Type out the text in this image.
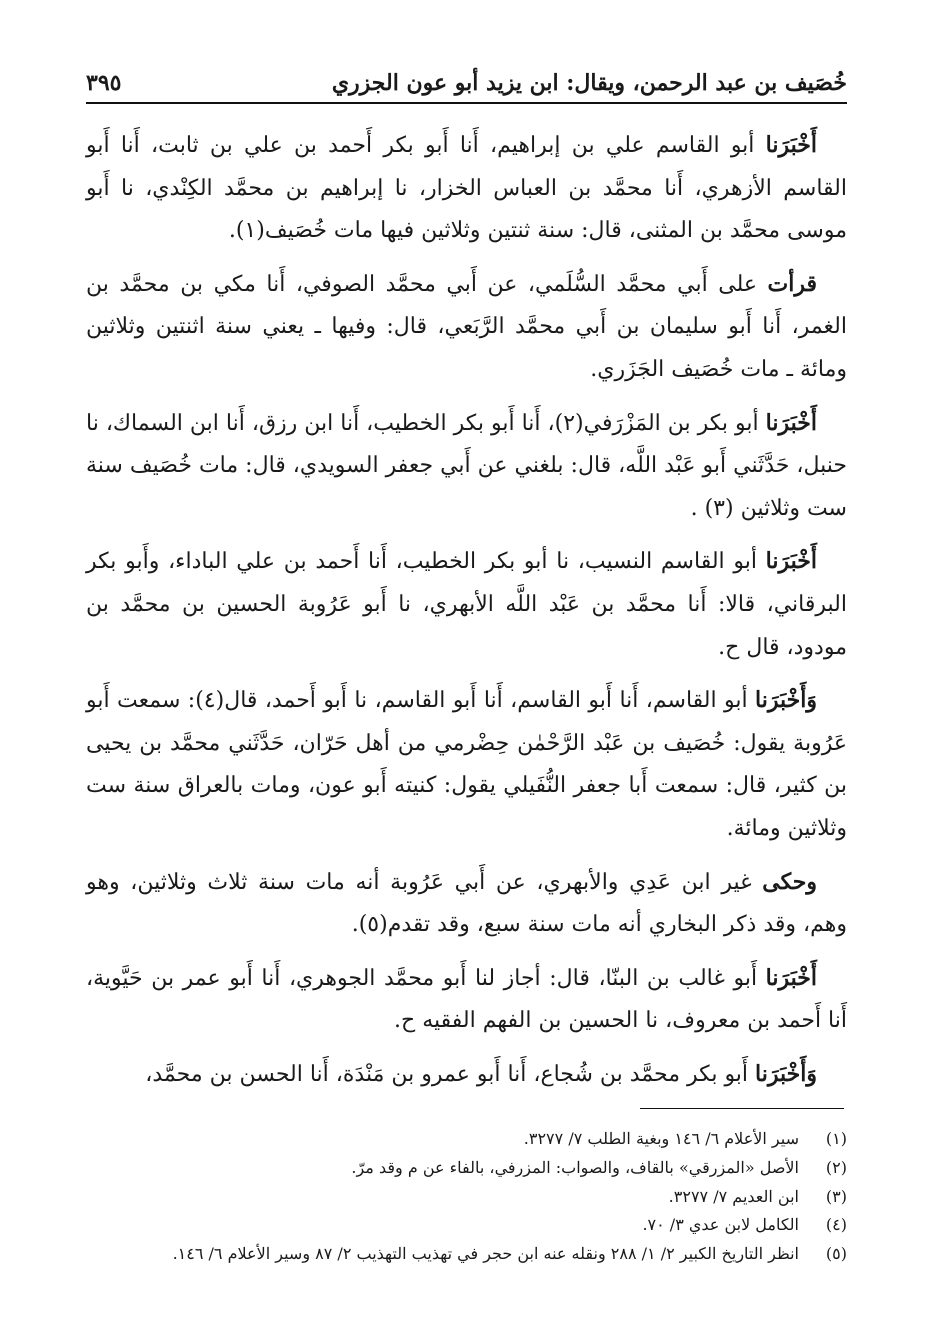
خُصَيف بن عبد الرحمن، ويقال: ابن يزيد أبو عون الجزري
٣٩٥

أَخْبَرَنا أبو القاسم علي بن إبراهيم، أَنا أَبو بكر أَحمد بن علي بن ثابت، أَنا أَبو القاسم الأزهري، أَنا محمَّد بن العباس الخزار، نا إبراهيم بن محمَّد الكِنْدي، نا أَبو موسى محمَّد بن المثنى، قال: سنة ثنتين وثلاثين فيها مات خُصَيف(١).

قرأت على أَبي محمَّد السُّلَمي، عن أَبي محمَّد الصوفي، أَنا مكي بن محمَّد بن الغمر، أَنا أَبو سليمان بن أَبي محمَّد الرَّبَعي، قال: وفيها ـ يعني سنة اثنتين وثلاثين ومائة ـ مات خُصَيف الجَزَري.

أَخْبَرَنا أبو بكر بن المَزْرَفي(٢)، أَنا أَبو بكر الخطيب، أَنا ابن رزق، أَنا ابن السماك، نا حنبل، حَدَّثَني أَبو عَبْد اللَّه، قال: بلغني عن أَبي جعفر السويدي، قال: مات خُصَيف سنة ست وثلاثين (٣) .

أَخْبَرَنا أبو القاسم النسيب، نا أبو بكر الخطيب، أَنا أَحمد بن علي الباداء، وأَبو بكر البرقاني، قالا: أَنا محمَّد بن عَبْد اللَّه الأبهري، نا أَبو عَرُوبة الحسين بن محمَّد بن مودود، قال ح.

وَأَخْبَرَنا أبو القاسم، أَنا أَبو القاسم، أَنا أَبو القاسم، نا أَبو أَحمد، قال(٤): سمعت أَبو عَرُوبة يقول: خُصَيف بن عَبْد الرَّحْمٰن حِضْرمي من أهل حَرّان، حَدَّثَني محمَّد بن يحيى بن كثير، قال: سمعت أَبا جعفر النُّفَيلي يقول: كنيته أَبو عون، ومات بالعراق سنة ست وثلاثين ومائة.

وحكى غير ابن عَدِي والأبهري، عن أَبي عَرُوبة أنه مات سنة ثلاث وثلاثين، وهو وهم، وقد ذكر البخاري أنه مات سنة سبع، وقد تقدم(٥).

أَخْبَرَنا أَبو غالب بن البنّا، قال: أجاز لنا أَبو محمَّد الجوهري، أَنا أَبو عمر بن حَيَّوية، أَنا أَحمد بن معروف، نا الحسين بن الفهم الفقيه ح.

وَأَخْبَرَنا أَبو بكر محمَّد بن شُجاع، أَنا أَبو عمرو بن مَنْدَة، أَنا الحسن بن محمَّد،

(١)
سير الأعلام ٦/ ١٤٦ وبغية الطلب ٧/ ٣٢٧٧.
(٢)
الأصل «المزرقي» بالقاف، والصواب: المزرفي، بالفاء عن م وقد مرّ.
(٣)
ابن العديم ٧/ ٣٢٧٧.
(٤)
الكامل لابن عدي ٣/ ٧٠.
(٥)
انظر التاريخ الكبير ٢/ ١/ ٢٨٨ ونقله عنه ابن حجر في تهذيب التهذيب ٢/ ٨٧ وسير الأعلام ٦/ ١٤٦.
